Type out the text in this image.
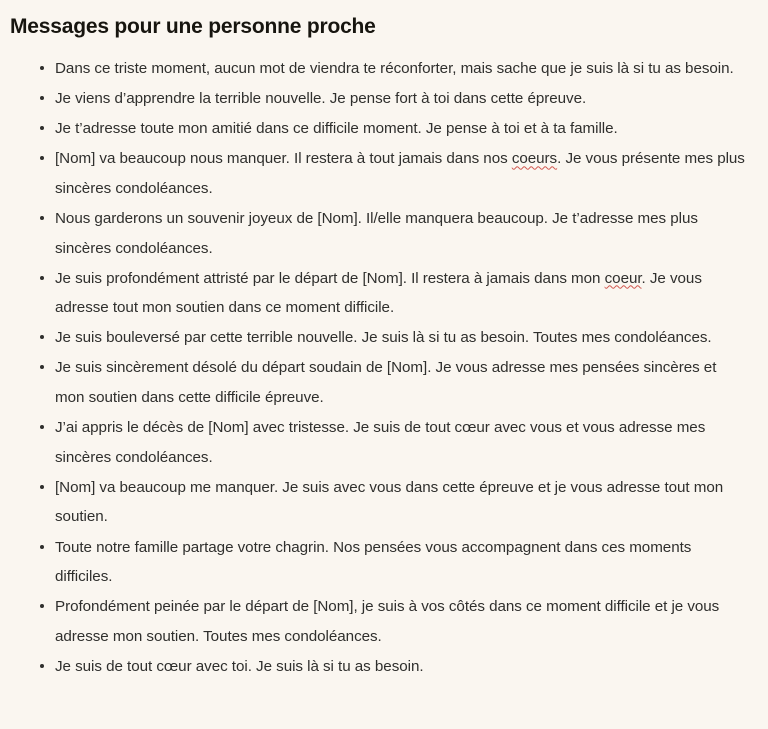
Messages pour une personne proche
Dans ce triste moment, aucun mot de viendra te réconforter, mais sache que je suis là si tu as besoin.
Je viens d’apprendre la terrible nouvelle. Je pense fort à toi dans cette épreuve.
Je t’adresse toute mon amitié dans ce difficile moment. Je pense à toi et à ta famille.
[Nom] va beaucoup nous manquer. Il restera à tout jamais dans nos coeurs. Je vous présente mes plus sincères condoléances.
Nous garderons un souvenir joyeux de [Nom]. Il/elle manquera beaucoup. Je t’adresse mes plus sincères condoléances.
Je suis profondément attristé par le départ de [Nom]. Il restera à jamais dans mon coeur. Je vous adresse tout mon soutien dans ce moment difficile.
Je suis bouleversé par cette terrible nouvelle. Je suis là si tu as besoin. Toutes mes condoléances.
Je suis sincèrement désolé du départ soudain de [Nom]. Je vous adresse mes pensées sincères et mon soutien dans cette difficile épreuve.
J’ai appris le décès de [Nom] avec tristesse. Je suis de tout cœur avec vous et vous adresse mes sincères condoléances.
[Nom] va beaucoup me manquer. Je suis avec vous dans cette épreuve et je vous adresse tout mon soutien.
Toute notre famille partage votre chagrin. Nos pensées vous accompagnent dans ces moments difficiles.
Profondément peinée par le départ de [Nom], je suis à vos côtés dans ce moment difficile et je vous adresse mon soutien. Toutes mes condoléances.
Je suis de tout cœur avec toi. Je suis là si tu as besoin.
